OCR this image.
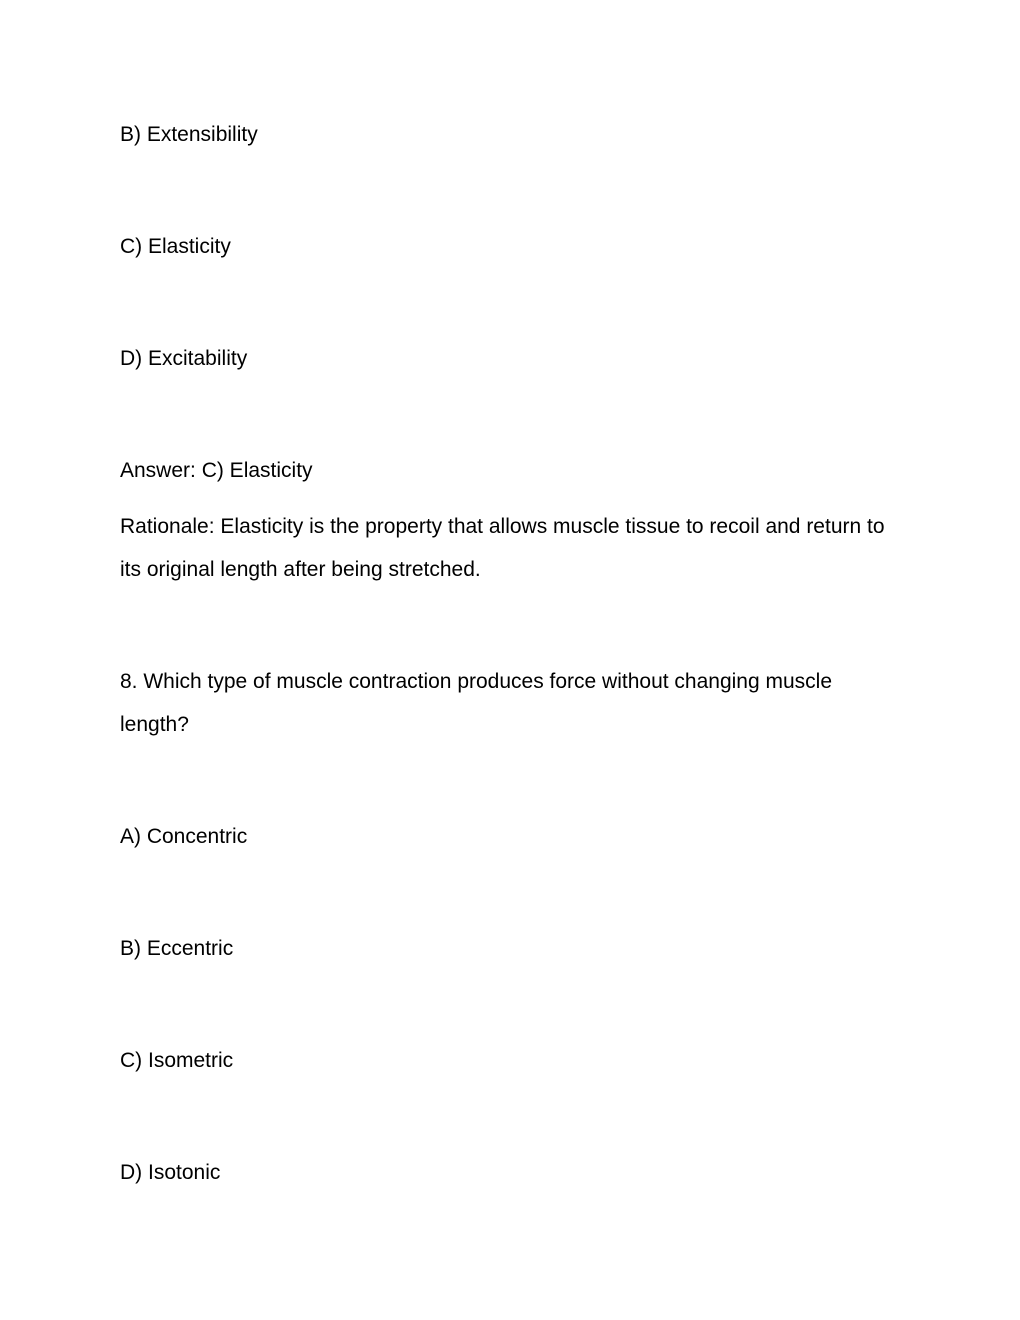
B) Extensibility
C) Elasticity
D) Excitability
Answer: C) Elasticity
Rationale: Elasticity is the property that allows muscle tissue to recoil and return to its original length after being stretched.
8. Which type of muscle contraction produces force without changing muscle length?
A) Concentric
B) Eccentric
C) Isometric
D) Isotonic
